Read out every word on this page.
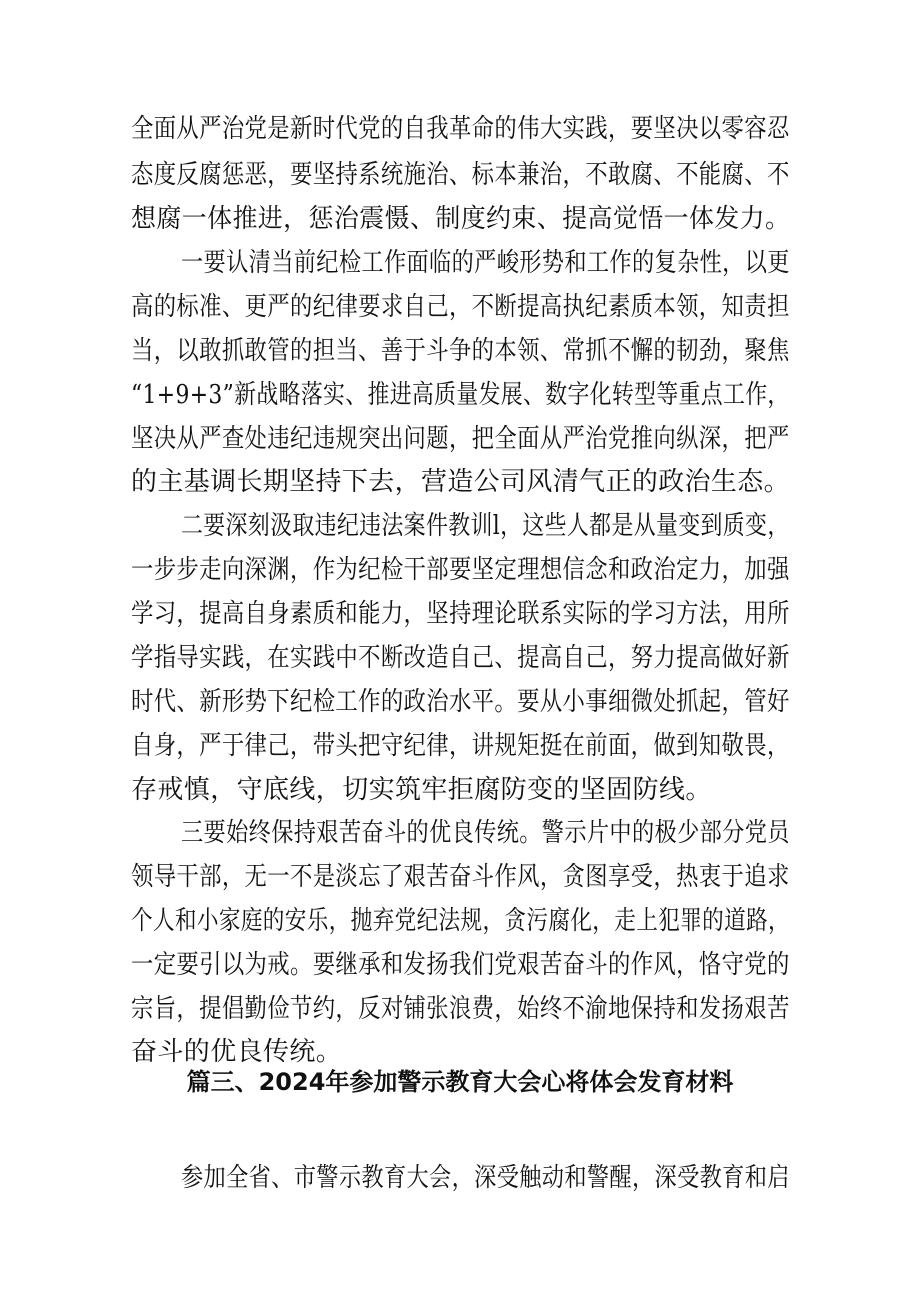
全面从严治党是新时代党的自我革命的伟大实践，要坚决以零容忍
态度反腐惩恶，要坚持系统施治、标本兼治，不敢腐、不能腐、不
想腐一体推进，惩治震慑、制度约束、提高觉悟一体发力。
一要认清当前纪检工作面临的严峻形势和工作的复杂性，以更
高的标准、更严的纪律要求自己，不断提高执纪素质本领，知责担
当，以敢抓敢管的担当、善于斗争的本领、常抓不懈的韧劲，聚焦
“1+9+3”新战略落实、推进高质量发展、数字化转型等重点工作，
坚决从严查处违纪违规突出问题，把全面从严治党推向纵深，把严
的主基调长期坚持下去，营造公司风清气正的政治生态。
二要深刻汲取违纪违法案件教训l，这些人都是从量变到质变，
一步步走向深渊，作为纪检干部要坚定理想信念和政治定力，加强
学习，提高自身素质和能力，坚持理论联系实际的学习方法，用所
学指导实践，在实践中不断改造自己、提高自己，努力提高做好新
时代、新形势下纪检工作的政治水平。要从小事细微处抓起，管好
自身，严于律己，带头把守纪律，讲规矩挺在前面，做到知敬畏，
存戒慎，守底线，切实筑牢拒腐防变的坚固防线。
三要始终保持艰苦奋斗的优良传统。警示片中的极少部分党员
领导干部，无一不是淡忘了艰苦奋斗作风，贪图享受，热衷于追求
个人和小家庭的安乐，抛弃党纪法规，贪污腐化，走上犯罪的道路，
一定要引以为戒。要继承和发扬我们党艰苦奋斗的作风，恪守党的
宗旨，提倡勤俭节约，反对铺张浪费，始终不渝地保持和发扬艰苦
奋斗的优良传统。
篇三、2024年参加警示教育大会心将体会发育材料
参加全省、市警示教育大会，深受触动和警醒，深受教育和启
